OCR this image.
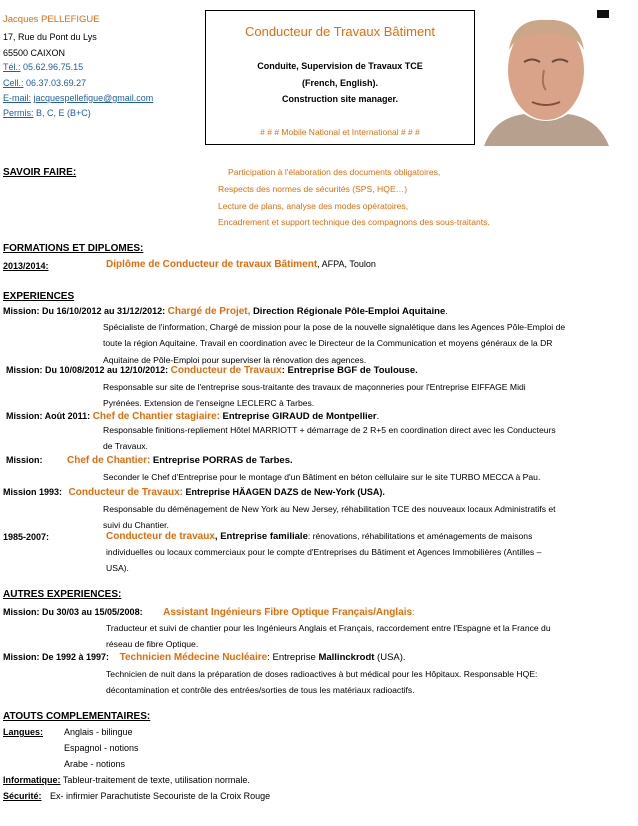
Jacques PELLEFIGUE
17, Rue du Pont du Lys
65500 CAIXON
Tél.: 05.62.96.75.15
Cell.: 06.37.03.69.27
E-mail: jacquespellefigue@gmail.com
Permis: B, C, E (B+C)
Conducteur de Travaux Bâtiment
Conduite, Supervision de Travaux TCE
(French, English).
Construction site manager.
# # # Mobile National et International # # #
SAVOIR FAIRE:	Participation à l'élaboration des documents obligatoires,
Respects des normes de sécurités (SPS, HQE…)
Lecture de plans, analyse des modes opératoires,
Encadrement et support technique des compagnons des sous-traitants.
FORMATIONS ET DIPLOMES:
2013/2014:	Diplôme de Conducteur de travaux Bâtiment, AFPA, Toulon
EXPERIENCES
Mission: Du 16/10/2012 au 31/12/2012: Chargé de Projet, Direction Régionale Pôle-Emploi Aquitaine.
Spécialiste de l'information, Chargé de mission pour la pose de la nouvelle signalétique dans les Agences Pôle-Emploi de
toute la région Aquitaine. Travail en coordination avec le Directeur de la Communication et moyens généraux de la DR
Aquitaine de Pôle-Emploi pour superviser la rénovation des agences.
Mission: Du 10/08/2012 au 12/10/2012: Conducteur de Travaux: Entreprise BGF de Toulouse.
Responsable sur site de l'entreprise sous-traitante des travaux de maçonneries pour l'Entreprise EIFFAGE Midi
Pyrénées. Extension de l'enseigne LECLERC à Tarbes.
Mission: Août 2011: Chef de Chantier stagiaire: Entreprise GIRAUD de Montpellier.
Responsable finitions-repliement Hôtel MARRIOTT + démarrage de 2 R+5 en coordination direct avec les Conducteurs
de Travaux.
Mission: Chef de Chantier: Entreprise PORRAS de Tarbes.
Seconder le Chef d'Entreprise pour le montage d'un Bâtiment en béton cellulaire sur le site TURBO MECCA à Pau.
Mission 1993: Conducteur de Travaux: Entreprise HÄAGEN DAZS de New-York (USA).
Responsable du déménagement de New York au New Jersey, réhabilitation TCE des nouveaux locaux Administratifs et
suivi du Chantier.
1985-2007:	Conducteur de travaux, Entreprise familiale: rénovations, réhabilitations et aménagements de maisons
individuelles ou locaux commerciaux pour le compte d'Entreprises du Bâtiment et Agences Immobilières (Antilles –
USA).
AUTRES EXPERIENCES:
Mission: Du 30/03 au 15/05/2008: Assistant Ingénieurs Fibre Optique Français/Anglais:
Traducteur et suivi de chantier pour les Ingénieurs Anglais et Français, raccordement entre l'Espagne et la France du
réseau de fibre Optique.
Mission: De 1992 à 1997: Technicien Médecine Nucléaire: Entreprise Mallinckrodt (USA).
Technicien de nuit dans la préparation de doses radioactives à but médical pour les Hôpitaux. Responsable HQE:
décontamination et contrôle des entrées/sorties de tous les matériaux radioactifs.
ATOUTS COMPLEMENTAIRES:
Langues: Anglais - bilingue
Espagnol - notions
Arabe - notions
Informatique: Tableur-traitement de texte, utilisation normale.
Sécurité: Ex- infirmier Parachutiste Secouriste de la Croix Rouge
